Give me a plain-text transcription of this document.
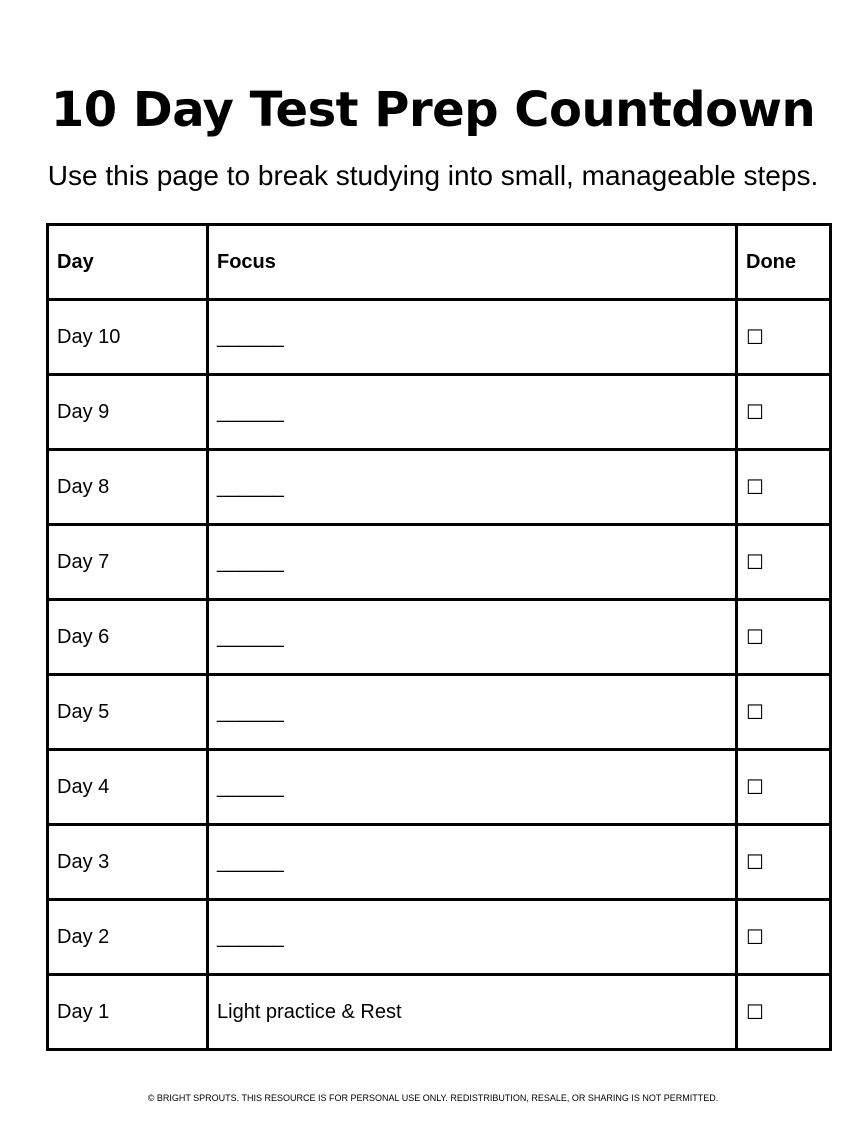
10 Day Test Prep Countdown

Use this page to break studying into small, manageable steps.

Day	Focus	Done
Day 10	______	☐
Day 9	______	☐
Day 8	______	☐
Day 7	______	☐
Day 6	______	☐
Day 5	______	☐
Day 4	______	☐
Day 3	______	☐
Day 2	______	☐
Day 1	Light practice & Rest	☐

© BRIGHT SPROUTS. THIS RESOURCE IS FOR PERSONAL USE ONLY. REDISTRIBUTION, RESALE, OR SHARING IS NOT PERMITTED.
